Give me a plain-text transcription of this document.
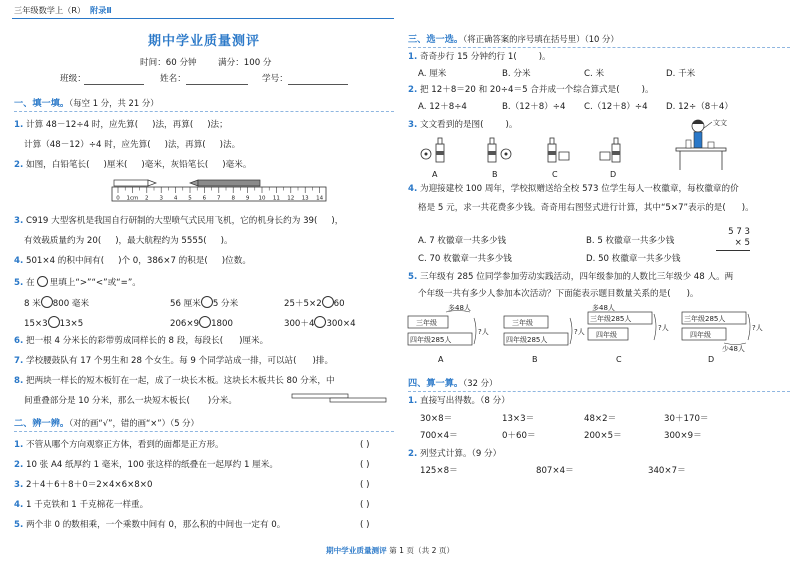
三年级数学上（R） 附录Ⅱ
期中学业质量测评
时间：60 分钟 满分：100 分
班级：	姓名：	学号：
一、填一填。（每空 1 分，共 21 分）
1. 计算 48－12÷4 时，应先算( )法，再算( )法；
计算（48－12）÷4 时，应先算( )法，再算( )法。
2. 如图，白铅笔长( )厘米( )毫米，灰铅笔长( )毫米。
0 1cm 2 3 4 5 6 7 8 9 10 11 12 13 14
3. C919 大型客机是我国自行研制的大型喷气式民用飞机，它的机身长约为 39( )，
有效载质量约为 20( )，最大航程约为 5555( )。
4. 501×4 的积中间有( )个 0，386×7 的积是( )位数。
5. 在 里填上“>”“<”或“=”。
8 米 800 毫米	56 厘米 5 分米	25＋5×2 60
15×3 13×5	206×9 1800	300＋4 300×4
6. 把一根 4 分米长的彩带剪成同样长的 8 段，每段长( )厘米。
7. 学校腰鼓队有 17 个男生和 28 个女生。每 9 个同学站成一排，可以站( )排。
8. 把两块一样长的短木板钉在一起，成了一块长木板。这块长木板共长 80 分米，中
间重叠部分是 10 分米，那么一块短木板长( )分米。
二、辨一辨。（对的画“√”，错的画“×”）（5 分）
1. 不管从哪个方向观察正方体，看到的面都是正方形。	( )
2. 10 张 A4 纸厚约 1 毫米，100 张这样的纸叠在一起厚约 1 厘米。	( )
3. 2＋4＋6＋8＋0＝2×4×6×8×0	( )
4. 1 千克铁和 1 千克棉花一样重。	( )
5. 两个非 0 的数相乘，一个乘数中间有 0，那么积的中间也一定有 0。	( )
三、选一选。（将正确答案的序号填在括号里）（10 分）
1. 奇奇步行 15 分钟约行 1(	)。
A. 厘米	B. 分米	C. 米	D. 千米
2. 把 12＋8＝20 和 20÷4＝5 合并成一个综合算式是(	)。
A. 12＋8÷4	B.（12＋8）÷4 C.（12＋8）÷4 D. 12÷（8＋4）
3. 文文看到的是图(	)。
A	B	C	D
文文
4. 为迎接建校 100 周年，学校拟赠送给全校 573 位学生每人一枚徽章，每枚徽章的价
格是 5 元，求一共花费多少钱。奇奇用右图竖式进行计算，其中“5×7”表示的是( )。
A. 7 枚徽章一共多少钱	B. 5 枚徽章一共多少钱
C. 70 枚徽章一共多少钱	D. 50 枚徽章一共多少钱
5 7 3
× 5
5. 三年级有 285 位同学参加劳动实践活动，四年级参加的人数比三年级少 48 人。两
个年级一共有多少人参加本次活动？下面能表示题目数量关系的是( )。
多48人
三年级
四年级285人
?人
A
三年级
四年级285人
?人
B
多48人
三年级285人
四年级
?人
C
三年级285人
四年级
少48人
?人
D
四、算一算。（32 分）
1. 直接写出得数。（8 分）
30×8＝	13×3＝	48×2＝	30＋170＝
700×4＝	0＋60＝	200×5＝	300×9＝
2. 列竖式计算。（9 分）
125×8＝	807×4＝	340×7＝
期中学业质量测评 第 1 页（共 2 页）
